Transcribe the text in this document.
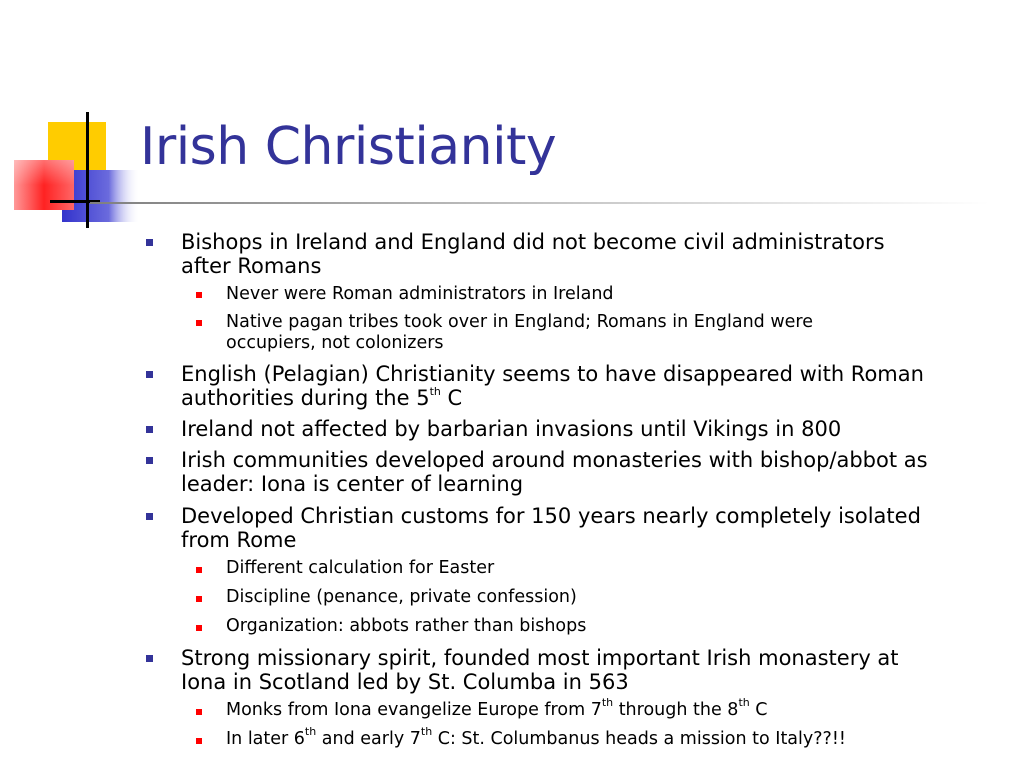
Irish Christianity

Bishops in Ireland and England did not become civil administrators

after Romans

Never were Roman administrators in Ireland

Native pagan tribes took over in England; Romans in England were

occupiers, not colonizers

English (Pelagian) Christianity seems to have disappeared with Roman

authorities during the 5th C

Ireland not affected by barbarian invasions until Vikings in 800

Irish communities developed around monasteries with bishop/abbot as

leader: Iona is center of learning

Developed Christian customs for 150 years nearly completely isolated

from Rome

Different calculation for Easter

Discipline (penance, private confession)

Organization: abbots rather than bishops

Strong missionary spirit, founded most important Irish monastery at

Iona in Scotland led by St. Columba in 563

Monks from Iona evangelize Europe from 7th through the 8th C

In later 6th and early 7th C: St. Columbanus heads a mission to Italy??!!
